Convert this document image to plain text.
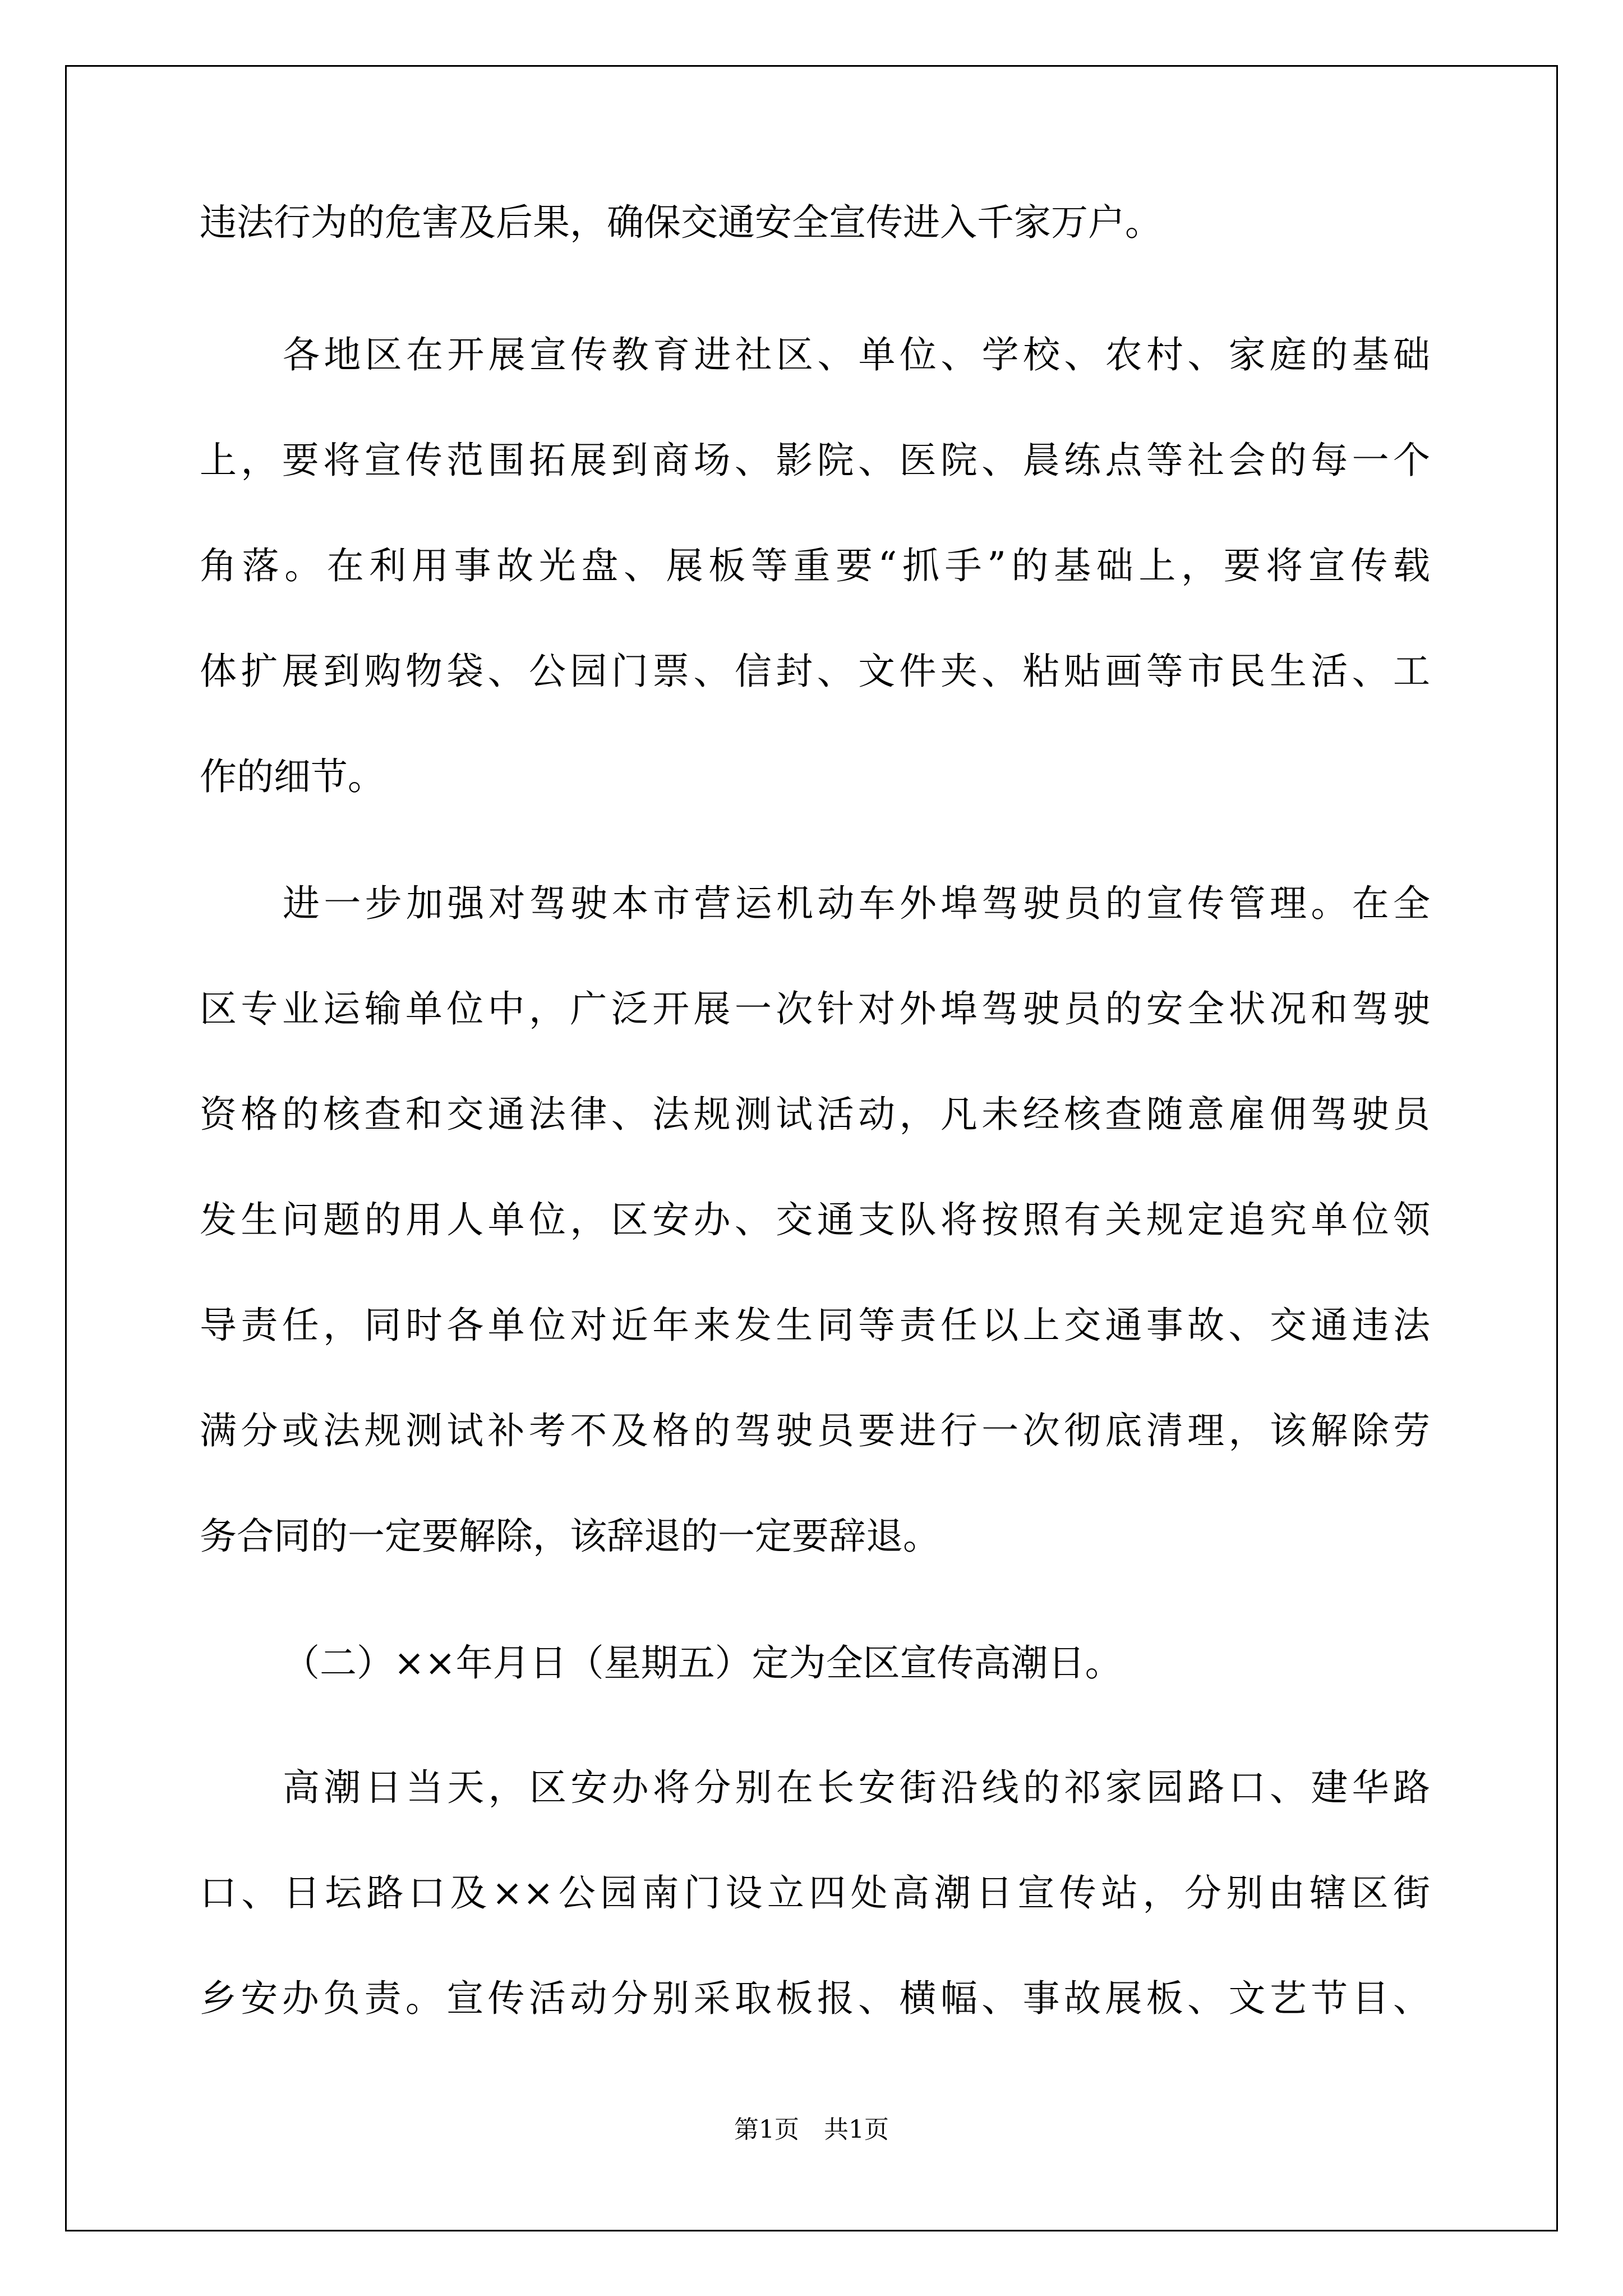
违法行为的危害及后果，确保交通安全宣传进入千家万户。
各地区在开展宣传教育进社区、单位、学校、农村、家庭的基础
上，要将宣传范围拓展到商场、影院、医院、晨练点等社会的每一个
角落。在利用事故光盘、展板等重要“抓手”的基础上，要将宣传载
体扩展到购物袋、公园门票、信封、文件夹、粘贴画等市民生活、工
作的细节。
进一步加强对驾驶本市营运机动车外埠驾驶员的宣传管理。在全
区专业运输单位中，广泛开展一次针对外埠驾驶员的安全状况和驾驶
资格的核查和交通法律、法规测试活动，凡未经核查随意雇佣驾驶员
发生问题的用人单位，区安办、交通支队将按照有关规定追究单位领
导责任，同时各单位对近年来发生同等责任以上交通事故、交通违法
满分或法规测试补考不及格的驾驶员要进行一次彻底清理，该解除劳
务合同的一定要解除，该辞退的一定要辞退。
（二）××年月日（星期五）定为全区宣传高潮日。
高潮日当天，区安办将分别在长安街沿线的祁家园路口、建华路
口、日坛路口及××公园南门设立四处高潮日宣传站，分别由辖区街
乡安办负责。宣传活动分别采取板报、横幅、事故展板、文艺节目、
第1页　共1页
